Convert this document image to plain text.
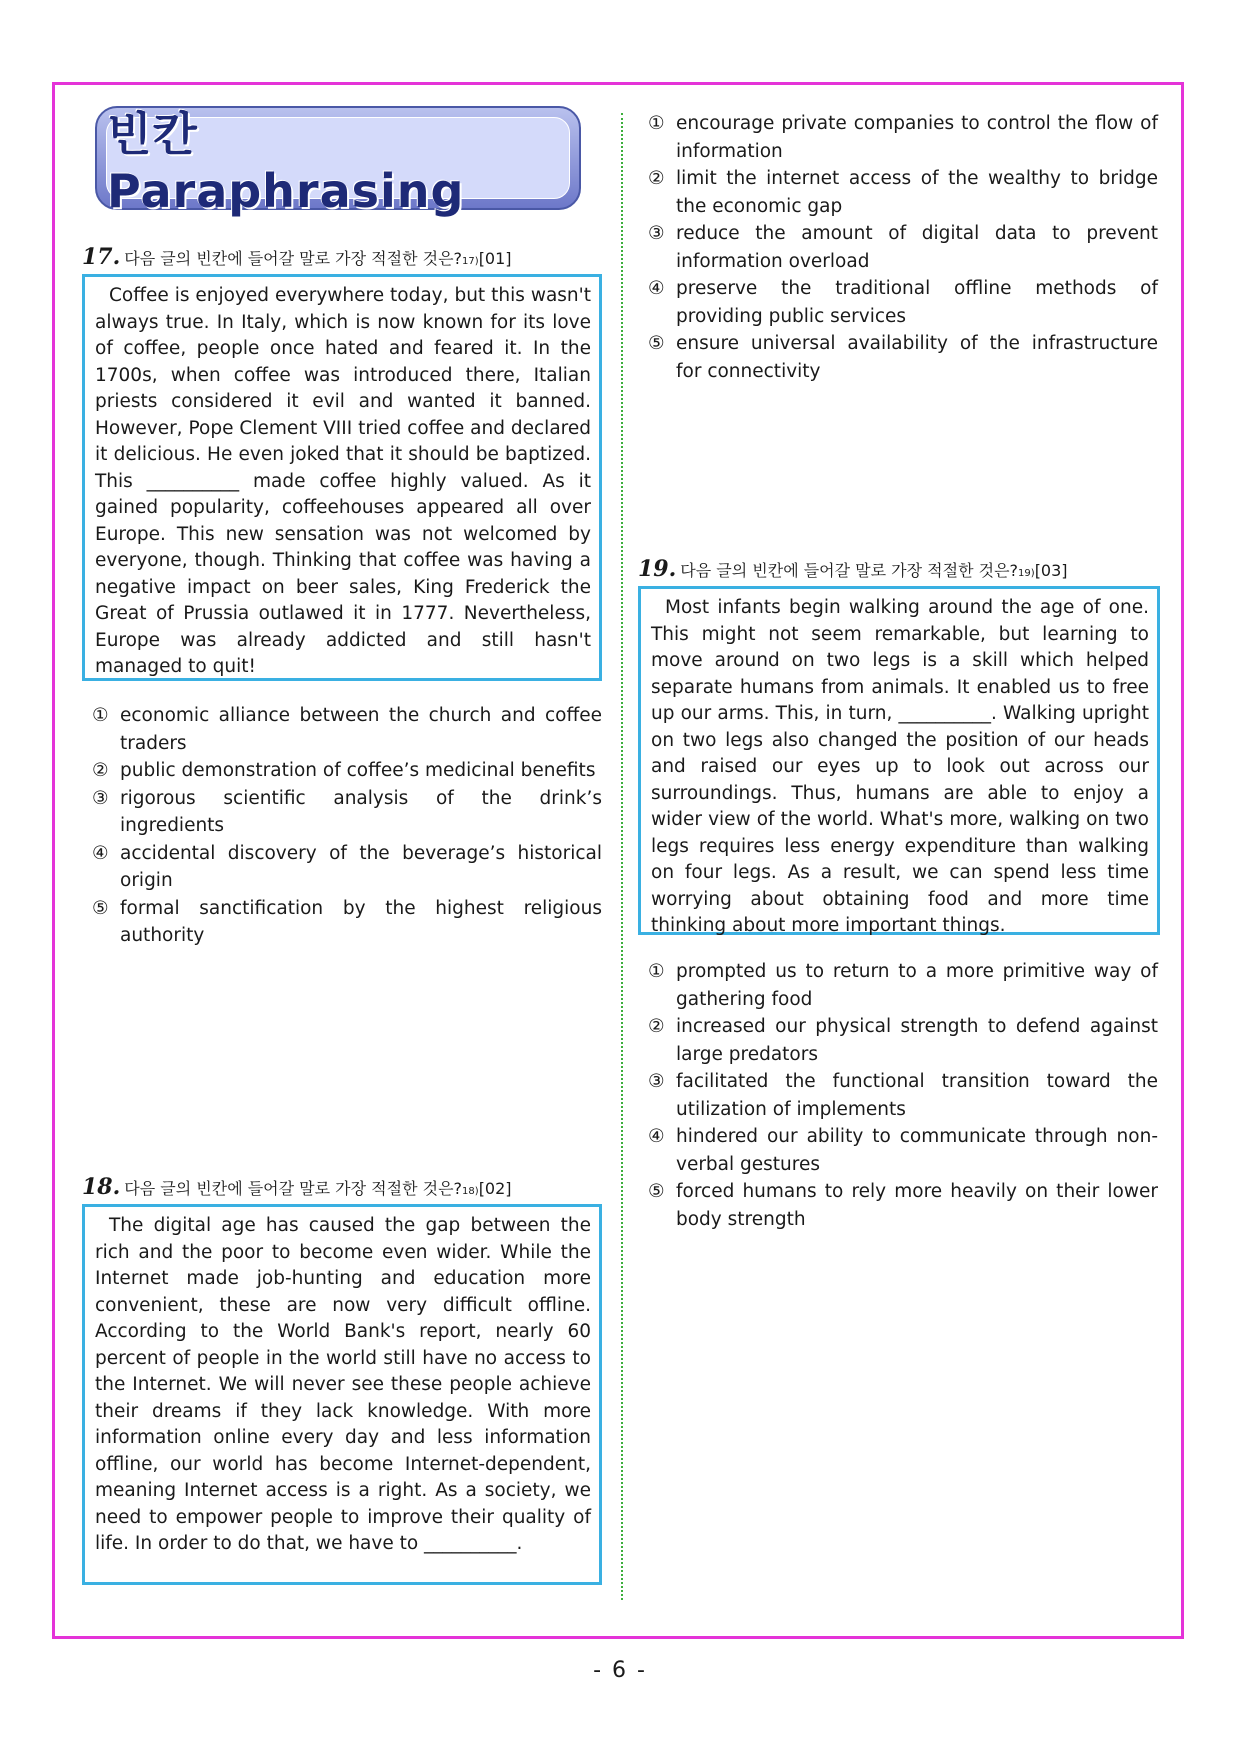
빈칸 Paraphrasing
17. 다음 글의 빈칸에 들어갈 말로 가장 적절한 것은? 17) [01]

Coffee is enjoyed everywhere today, but this wasn't always true. In Italy, which is now known for its love of coffee, people once hated and feared it. In the 1700s, when coffee was introduced there, Italian priests considered it evil and wanted it banned. However, Pope Clement VIII tried coffee and declared it delicious. He even joked that it should be baptized. This __________ made coffee highly valued. As it gained popularity, coffeehouses appeared all over Europe. This new sensation was not welcomed by everyone, though. Thinking that coffee was having a negative impact on beer sales, King Frederick the Great of Prussia outlawed it in 1777. Nevertheless, Europe was already addicted and still hasn't managed to quit!

① economic alliance between the church and coffee traders
② public demonstration of coffee’s medicinal benefits
③ rigorous scientific analysis of the drink’s ingredients
④ accidental discovery of the beverage’s historical origin
⑤ formal sanctification by the highest religious authority
18. 다음 글의 빈칸에 들어갈 말로 가장 적절한 것은? 18) [02]

The digital age has caused the gap between the rich and the poor to become even wider. While the Internet made job-hunting and education more convenient, these are now very difficult offline. According to the World Bank's report, nearly 60 percent of people in the world still have no access to the Internet. We will never see these people achieve their dreams if they lack knowledge. With more information online every day and less information offline, our world has become Internet-dependent, meaning Internet access is a right. As a society, we need to empower people to improve their quality of life. In order to do that, we have to __________.

① encourage private companies to control the flow of information
② limit the internet access of the wealthy to bridge the economic gap
③ reduce the amount of digital data to prevent information overload
④ preserve the traditional offline methods of providing public services
⑤ ensure universal availability of the infrastructure for connectivity
19. 다음 글의 빈칸에 들어갈 말로 가장 적절한 것은? 19) [03]

Most infants begin walking around the age of one. This might not seem remarkable, but learning to move around on two legs is a skill which helped separate humans from animals. It enabled us to free up our arms. This, in turn, __________. Walking upright on two legs also changed the position of our heads and raised our eyes up to look out across our surroundings. Thus, humans are able to enjoy a wider view of the world. What's more, walking on two legs requires less energy expenditure than walking on four legs. As a result, we can spend less time worrying about obtaining food and more time thinking about more important things.

① prompted us to return to a more primitive way of gathering food
② increased our physical strength to defend against large predators
③ facilitated the functional transition toward the utilization of implements
④ hindered our ability to communicate through non-verbal gestures
⑤ forced humans to rely more heavily on their lower body strength
- 6 -
